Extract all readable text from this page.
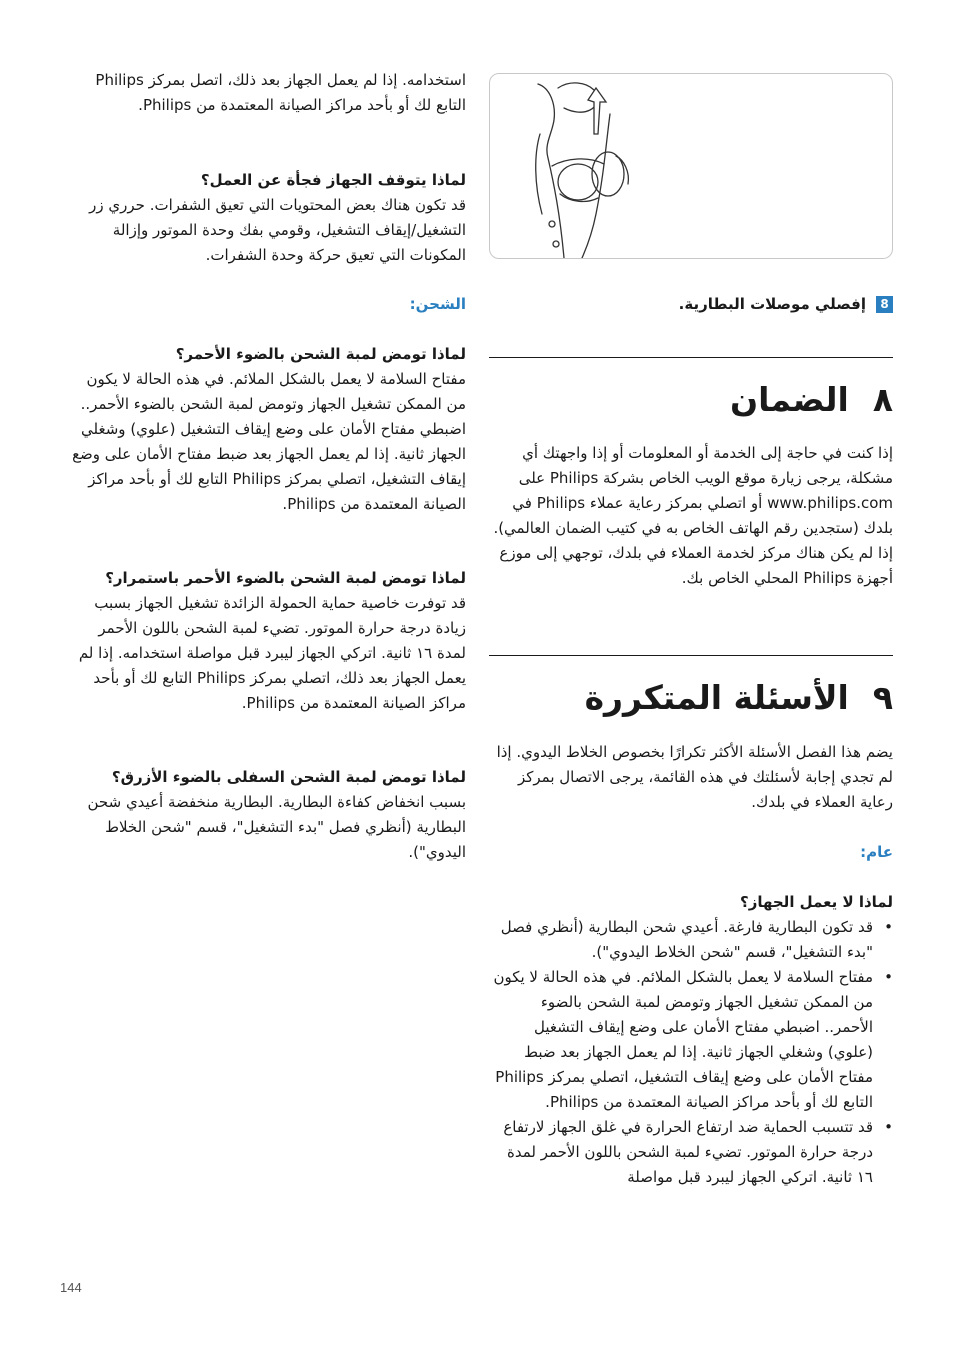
استخدامه. إذا لم يعمل الجهاز بعد ذلك، اتصل بمركز Philips التابع لك أو بأحد مراكز الصيانة المعتمدة من Philips.

لماذا يتوقف الجهاز فجأة عن العمل؟

قد تكون هناك بعض المحتويات التي تعيق الشفرات. حرري زر التشغيل/إيقاف التشغيل، وقومي بفك وحدة الموتور وإزالة المكونات التي تعيق حركة وحدة الشفرات.

الشحن:

لماذا تومض لمبة الشحن بالضوء الأحمر؟

مفتاح السلامة لا يعمل بالشكل الملائم. في هذه الحالة لا يكون من الممكن تشغيل الجهاز وتومض لمبة الشحن بالضوء الأحمر.. اضبطي مفتاح الأمان على وضع إيقاف التشغيل (علوي) وشغلي الجهاز ثانية. إذا لم يعمل الجهاز بعد ضبط مفتاح الأمان على وضع إيقاف التشغيل، اتصلي بمركز Philips التابع لك أو بأحد مراكز الصيانة المعتمدة من Philips.

لماذا تومض لمبة الشحن بالضوء الأحمر باستمرار؟

قد توفرت خاصية حماية الحمولة الزائدة تشغيل الجهاز بسبب زيادة درجة حرارة الموتور. تضيء لمبة الشحن باللون الأحمر لمدة ١٦ ثانية. اتركي الجهاز ليبرد قبل مواصلة استخدامه. إذا لم يعمل الجهاز بعد ذلك، اتصلي بمركز Philips التابع لك أو بأحد مراكز الصيانة المعتمدة من Philips.

لماذا تومض لمبة الشحن السفلى بالضوء الأزرق؟

بسبب انخفاض كفاءة البطارية. البطارية منخفضة أعيدي شحن البطارية (أنظري فصل "بدء التشغيل"، قسم "شحن الخلاط اليدوي").

8إفصلي موصلات البطارية.

٨الضمان

إذا كنت في حاجة إلى الخدمة أو المعلومات أو إذا واجهتك أي مشكلة، يرجى زيارة موقع الويب الخاص بشركة Philips على www.philips.com أو اتصلي بمركز رعاية عملاء Philips في بلدك (ستجدين رقم الهاتف الخاص به في كتيب الضمان العالمي). إذا لم يكن هناك مركز لخدمة العملاء في بلدك، توجهي إلى موزع أجهزة Philips المحلي الخاص بك.

٩الأسئلة المتكررة

يضم هذا الفصل الأسئلة الأكثر تكرارًا بخصوص الخلاط اليدوي. إذا لم تجدي إجابة لأسئلتك في هذه القائمة، يرجى الاتصال بمركز رعاية العملاء في بلدك.

عام:

لماذا لا يعمل الجهاز؟

• قد تكون البطارية فارغة. أعيدي شحن البطارية (أنظري فصل "بدء التشغيل"، قسم "شحن الخلاط اليدوي").
• مفتاح السلامة لا يعمل بالشكل الملائم. في هذه الحالة لا يكون من الممكن تشغيل الجهاز وتومض لمبة الشحن بالضوء الأحمر.. اضبطي مفتاح الأمان على وضع إيقاف التشغيل (علوي) وشغلي الجهاز ثانية. إذا لم يعمل الجهاز بعد ضبط مفتاح الأمان على وضع إيقاف التشغيل، اتصلي بمركز Philips التابع لك أو بأحد مراكز الصيانة المعتمدة من Philips.
• قد تتسبب الحماية ضد ارتفاع الحرارة في غلق الجهاز لارتفاع درجة حرارة الموتور. تضيء لمبة الشحن باللون الأحمر لمدة ١٦ ثانية. اتركي الجهاز ليبرد قبل مواصلة
144
